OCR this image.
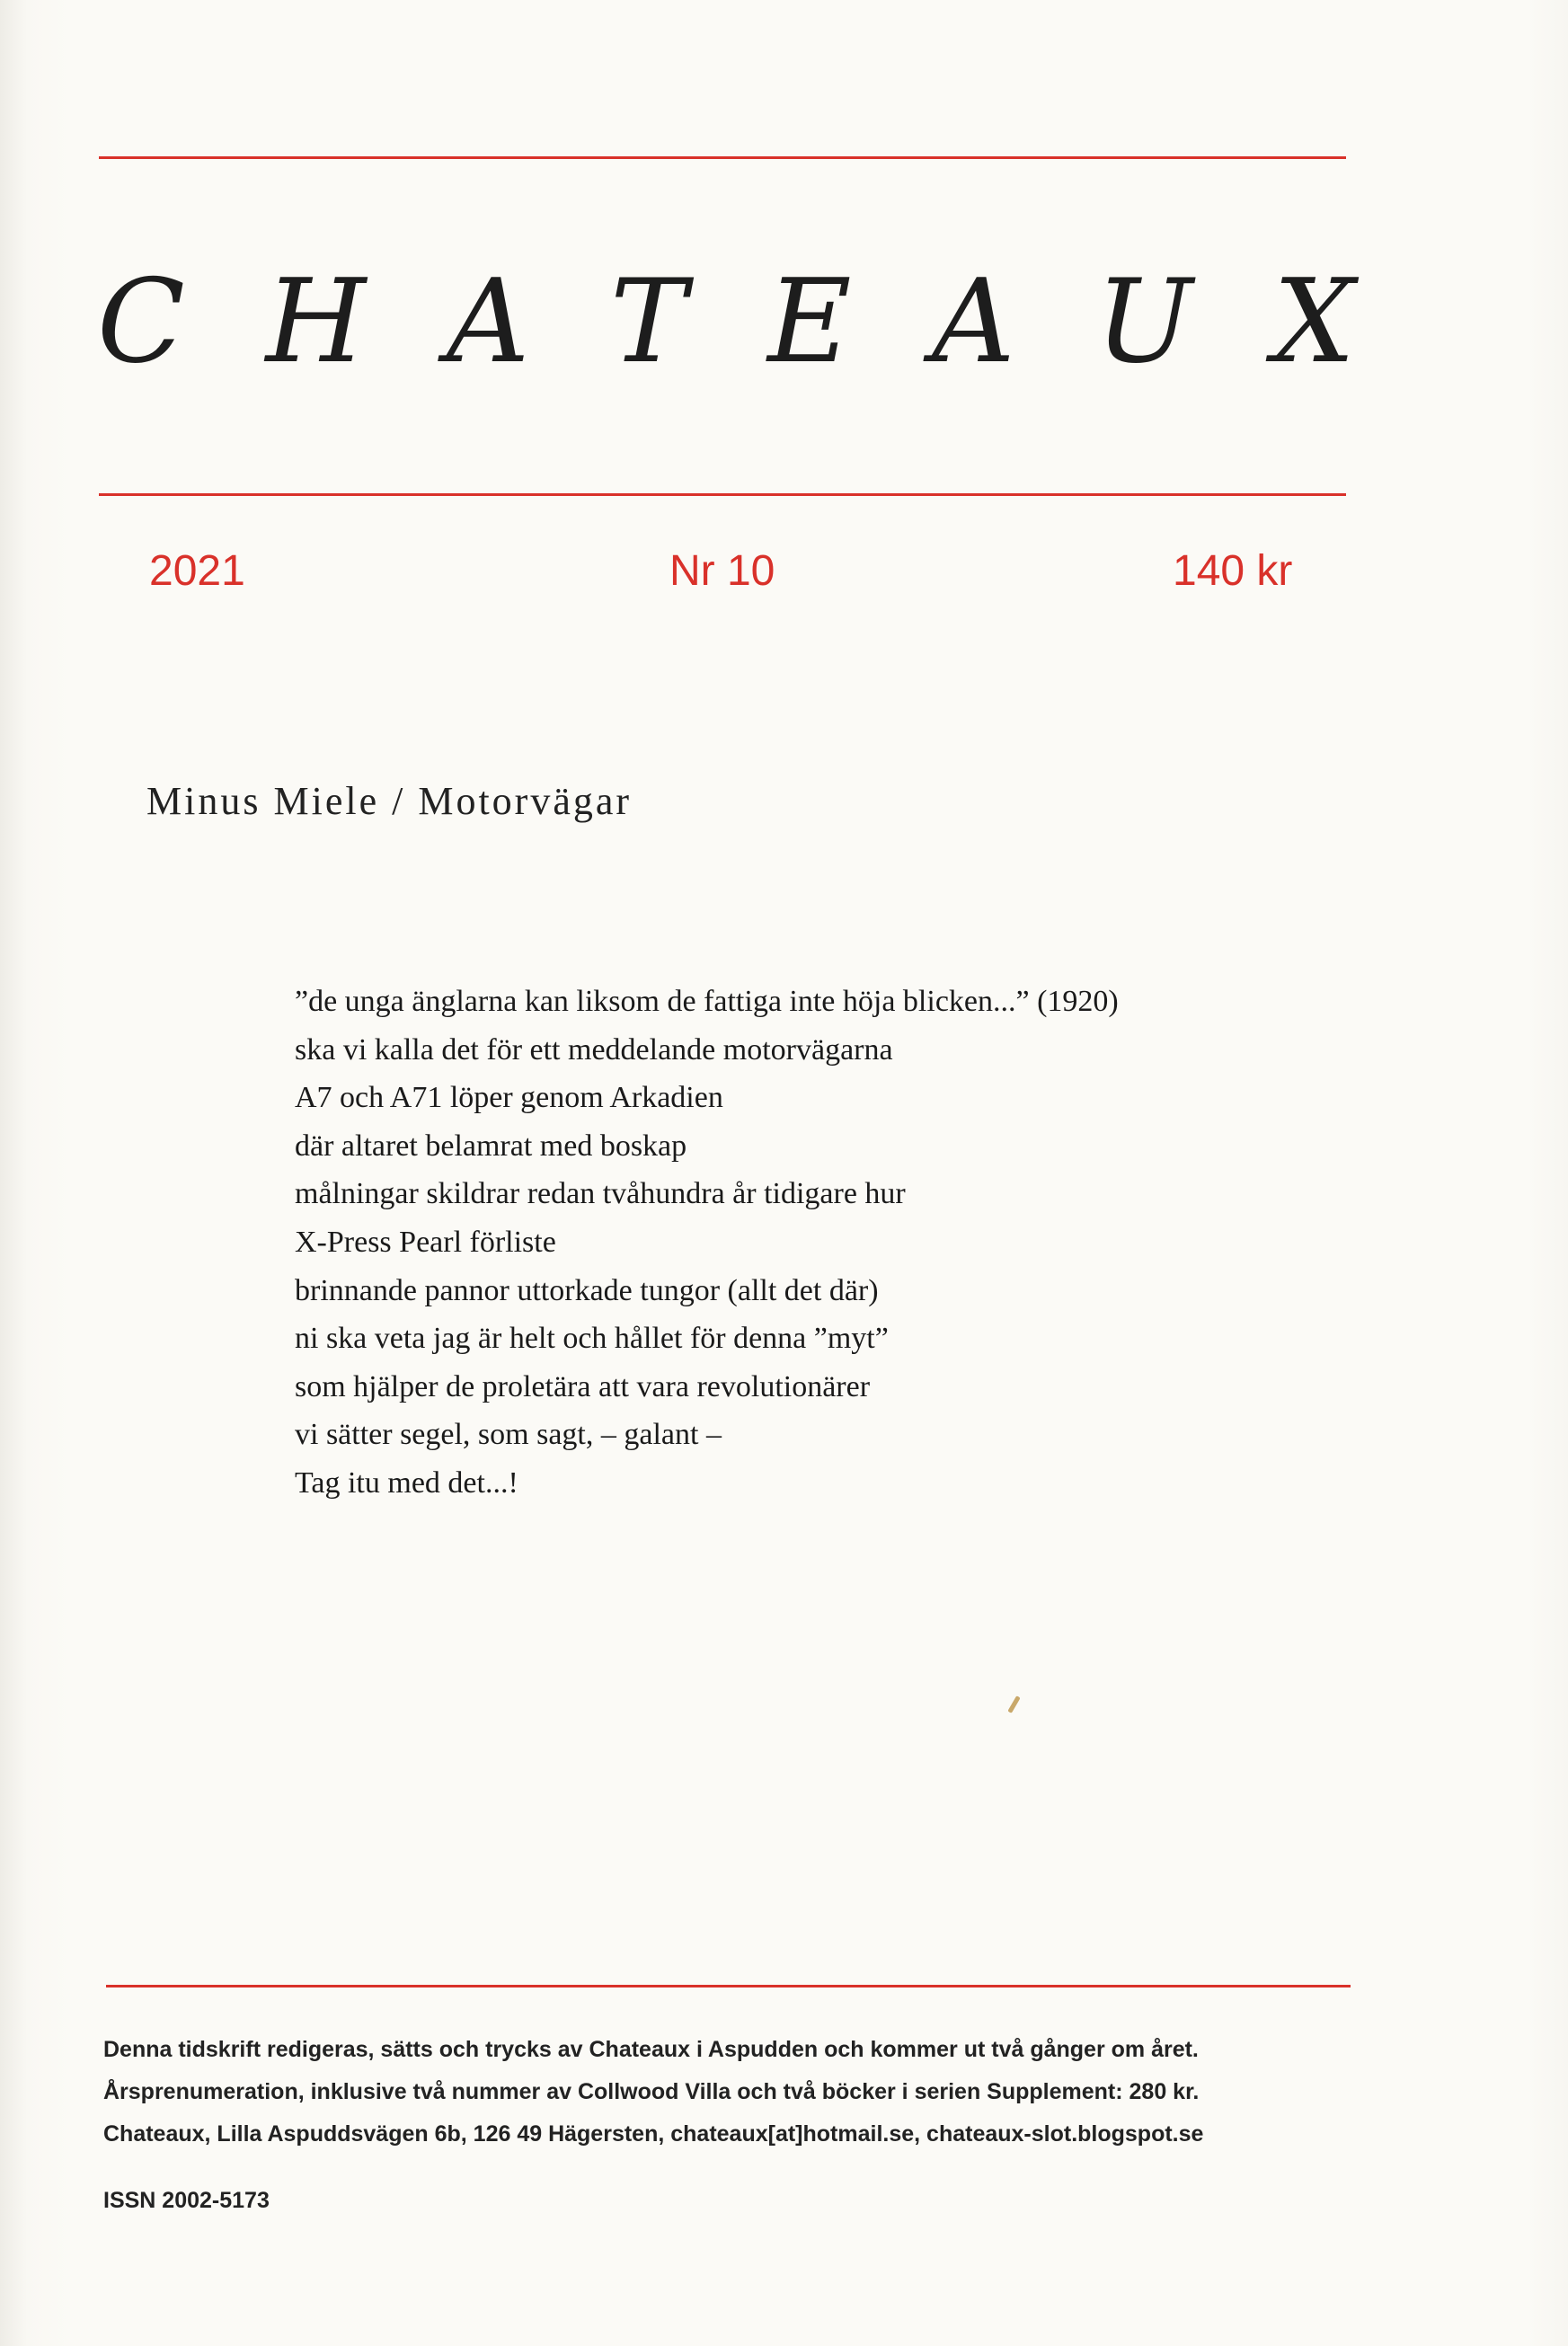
C H A T E A U X
2021	Nr 10	140 kr
Minus Miele / Motorvägar
”de unga änglarna kan liksom de fattiga inte höja blicken...” (1920)
ska vi kalla det för ett meddelande motorvägarna
A7 och A71 löper genom Arkadien
där altaret belamrat med boskap
målningar skildrar redan tvåhundra år tidigare hur
X-Press Pearl förliste
brinnande pannor uttorkade tungor (allt det där)
ni ska veta jag är helt och hållet för denna ”myt”
som hjälper de proletära att vara revolutionärer
vi sätter segel, som sagt, – galant –
Tag itu med det...!
Denna tidskrift redigeras, sätts och trycks av Chateaux i Aspudden och kommer ut två gånger om året.
Årsprenumeration, inklusive två nummer av Collwood Villa och två böcker i serien Supplement: 280 kr.
Chateaux, Lilla Aspuddsvägen 6b, 126 49 Hägersten, chateaux[at]hotmail.se, chateaux-slot.blogspot.se
ISSN 2002-5173
